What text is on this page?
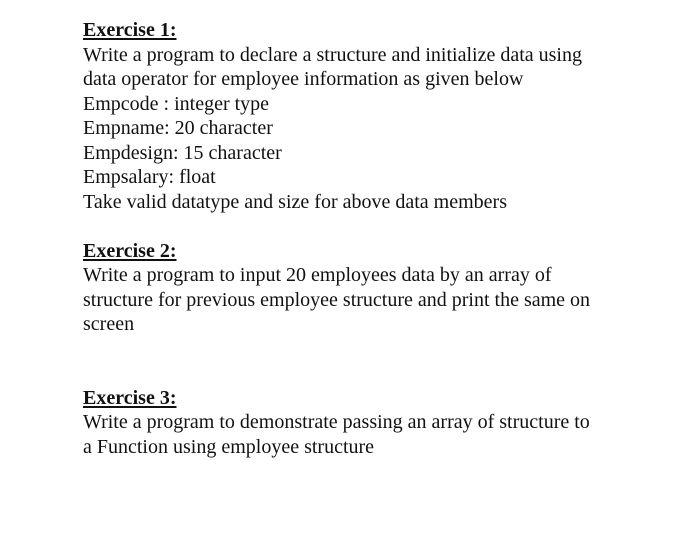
Exercise 1:

Write a program to declare a structure and initialize data using

data operator for employee information as given below

Empcode : integer type

Empname: 20 character

Empdesign: 15 character

Empsalary: float

Take valid datatype and size for above data members

Exercise 2:

Write a program to input 20 employees data by an array of

structure for previous employee structure and print the same on

screen

Exercise 3:

Write a program to demonstrate passing an array of structure to

a Function using employee structure
